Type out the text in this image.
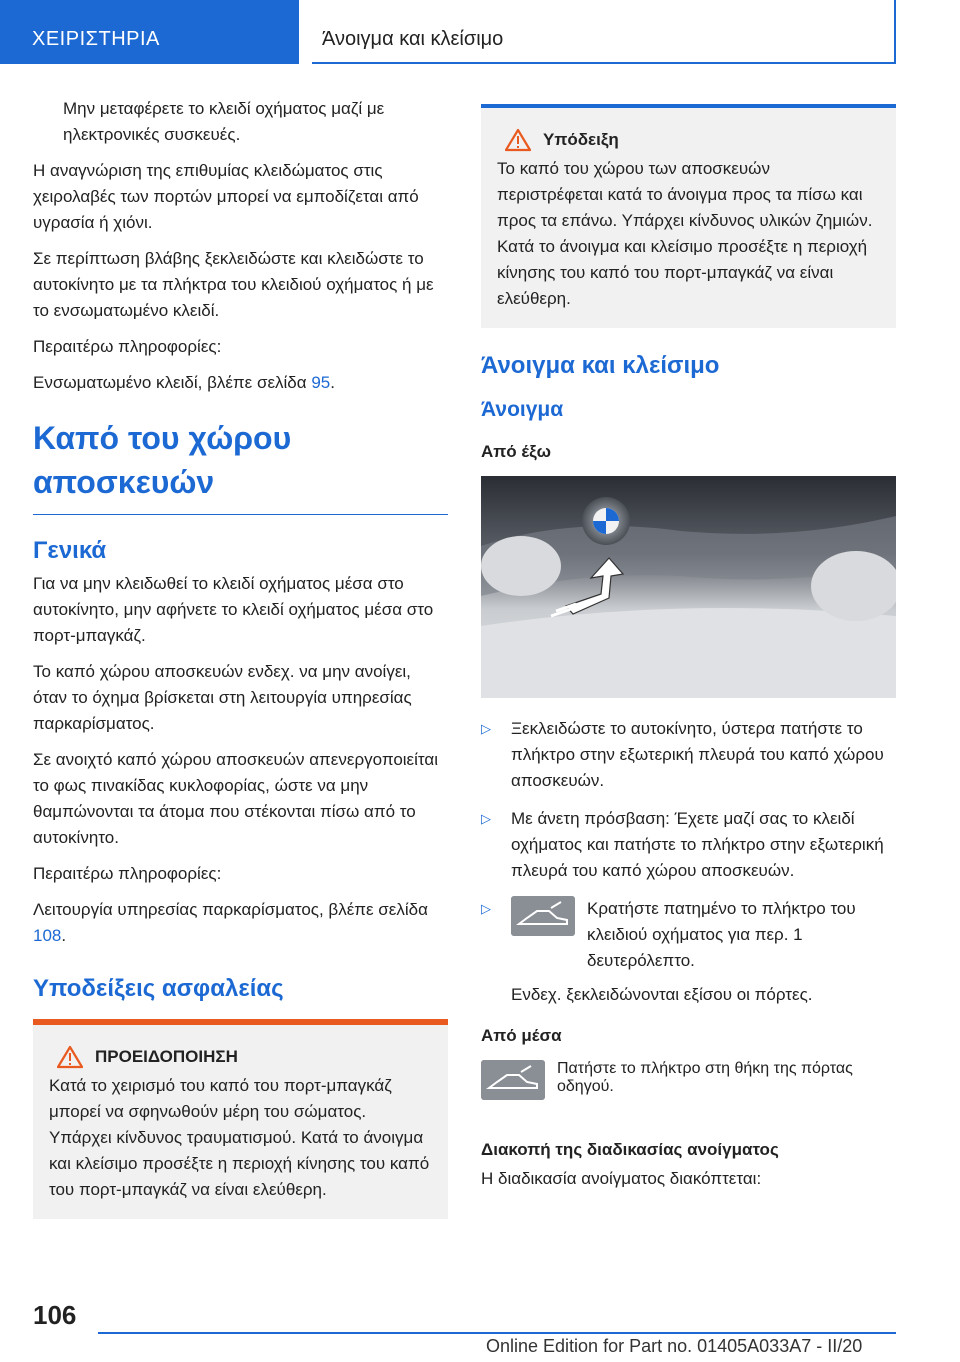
ΧΕΙΡΙΣΤΗΡΙΑ	Άνοιγμα και κλείσιμο

Μην μεταφέρετε το κλειδί οχήματος μαζί με ηλεκτρονικές συσκευές.

Η αναγνώριση της επιθυμίας κλειδώματος στις χειρολαβές των πορτών μπορεί να εμποδίζεται από υγρασία ή χιόνι.

Σε περίπτωση βλάβης ξεκλειδώστε και κλειδώστε το αυτοκίνητο με τα πλήκτρα του κλειδιού οχήματος ή με το ενσωματωμένο κλειδί.

Περαιτέρω πληροφορίες:

Ενσωματωμένο κλειδί, βλέπε σελίδα 95.

Καπό του χώρου αποσκευών
Γενικά

Για να μην κλειδωθεί το κλειδί οχήματος μέσα στο αυτοκίνητο, μην αφήνετε το κλειδί οχήματος μέσα στο πορτ-μπαγκάζ.

Το καπό χώρου αποσκευών ενδεχ. να μην ανοίγει, όταν το όχημα βρίσκεται στη λειτουργία υπηρεσίας παρκαρίσματος.

Σε ανοιχτό καπό χώρου αποσκευών απενεργοποιείται το φως πινακίδας κυκλοφορίας, ώστε να μην θαμπώνονται τα άτομα που στέκονται πίσω από το αυτοκίνητο.

Περαιτέρω πληροφορίες:

Λειτουργία υπηρεσίας παρκαρίσματος, βλέπε σελίδα 108.

Υποδείξεις ασφαλείας
ΠΡΟΕΙΔΟΠΟΙΗΣΗ

Κατά το χειρισμό του καπό του πορτ-μπαγκάζ μπορεί να σφηνωθούν μέρη του σώματος. Υπάρχει κίνδυνος τραυματισμού. Κατά το άνοιγμα και κλείσιμο προσέξτε η περιοχή κίνησης του καπό του πορτ-μπαγκάζ να είναι ελεύθερη.

Υπόδειξη

Το καπό του χώρου των αποσκευών περιστρέφεται κατά το άνοιγμα προς τα πίσω και προς τα επάνω. Υπάρχει κίνδυνος υλικών ζημιών. Κατά το άνοιγμα και κλείσιμο προσέξτε η περιοχή κίνησης του καπό του πορτ-μπαγκάζ να είναι ελεύθερη.

Άνοιγμα και κλείσιμο
Άνοιγμα
Από έξω
▷	Ξεκλειδώστε το αυτοκίνητο, ύστερα πατήστε το πλήκτρο στην εξωτερική πλευρά του καπό χώρου αποσκευών.
▷	Με άνετη πρόσβαση: Έχετε μαζί σας το κλειδί οχήματος και πατήστε το πλήκτρο στην εξωτερική πλευρά του καπό χώρου αποσκευών.
▷	Κρατήστε πατημένο το πλήκτρο του κλειδιού οχήματος για περ. 1 δευτερόλεπτο.

Ενδεχ. ξεκλειδώνονται εξίσου οι πόρτες.

Από μέσα
Πατήστε το πλήκτρο στη θήκη της πόρτας οδηγού.
Διακοπή της διαδικασίας ανοίγματος

Η διαδικασία ανοίγματος διακόπτεται:

106
Online Edition for Part no. 01405A033A7 - II/20
